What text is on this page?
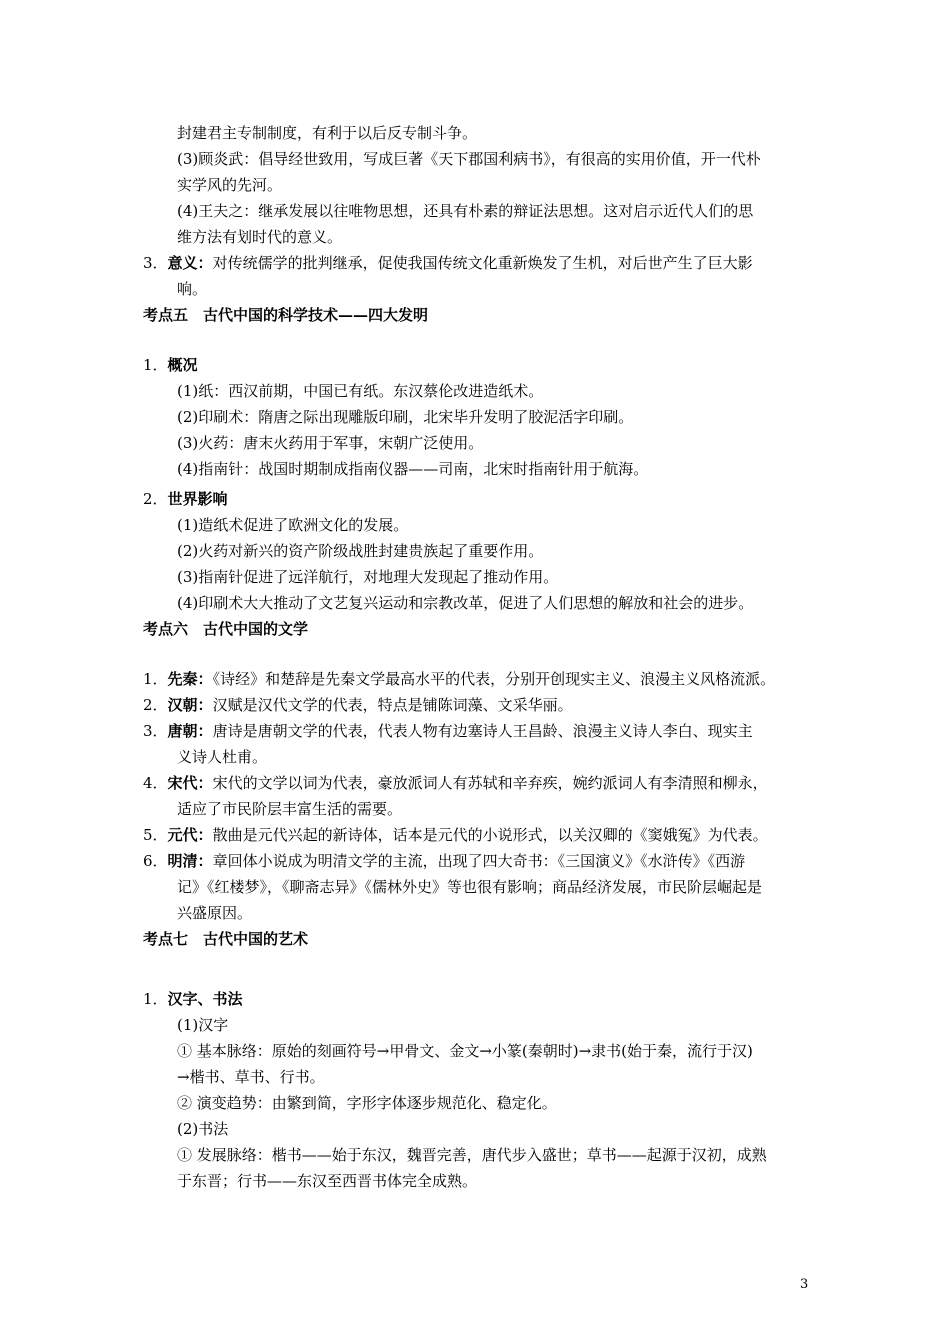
封建君主专制制度，有利于以后反专制斗争。
(3)顾炎武：倡导经世致用，写成巨著《天下郡国利病书》，有很高的实用价值，开一代朴
实学风的先河。
(4)王夫之：继承发展以往唯物思想，还具有朴素的辩证法思想。这对启示近代人们的思
维方法有划时代的意义。
3．意义：对传统儒学的批判继承，促使我国传统文化重新焕发了生机，对后世产生了巨大影
响。
考点五　古代中国的科学技术——四大发明
1．概况
(1)纸：西汉前期，中国已有纸。东汉蔡伦改进造纸术。
(2)印刷术：隋唐之际出现雕版印刷，北宋毕升发明了胶泥活字印刷。
(3)火药：唐末火药用于军事，宋朝广泛使用。
(4)指南针：战国时期制成指南仪器——司南，北宋时指南针用于航海。
2．世界影响
(1)造纸术促进了欧洲文化的发展。
(2)火药对新兴的资产阶级战胜封建贵族起了重要作用。
(3)指南针促进了远洋航行，对地理大发现起了推动作用。
(4)印刷术大大推动了文艺复兴运动和宗教改革，促进了人们思想的解放和社会的进步。
考点六　古代中国的文学
1．先秦：《诗经》和楚辞是先秦文学最高水平的代表，分别开创现实主义、浪漫主义风格流派。
2．汉朝：汉赋是汉代文学的代表，特点是铺陈词藻、文采华丽。
3．唐朝：唐诗是唐朝文学的代表，代表人物有边塞诗人王昌龄、浪漫主义诗人李白、现实主
义诗人杜甫。
4．宋代：宋代的文学以词为代表，豪放派词人有苏轼和辛弃疾，婉约派词人有李清照和柳永，
适应了市民阶层丰富生活的需要。
5．元代：散曲是元代兴起的新诗体，话本是元代的小说形式，以关汉卿的《窦娥冤》为代表。
6．明清：章回体小说成为明清文学的主流，出现了四大奇书：《三国演义》《水浒传》《西游
记》《红楼梦》，《聊斋志异》《儒林外史》等也很有影响；商品经济发展，市民阶层崛起是
兴盛原因。
考点七　古代中国的艺术
1．汉字、书法
(1)汉字
① 基本脉络：原始的刻画符号→甲骨文、金文→小篆(秦朝时)→隶书(始于秦，流行于汉)
→楷书、草书、行书。
② 演变趋势：由繁到简，字形字体逐步规范化、稳定化。
(2)书法
① 发展脉络：楷书——始于东汉，魏晋完善，唐代步入盛世；草书——起源于汉初，成熟
于东晋；行书——东汉至西晋书体完全成熟。
3
